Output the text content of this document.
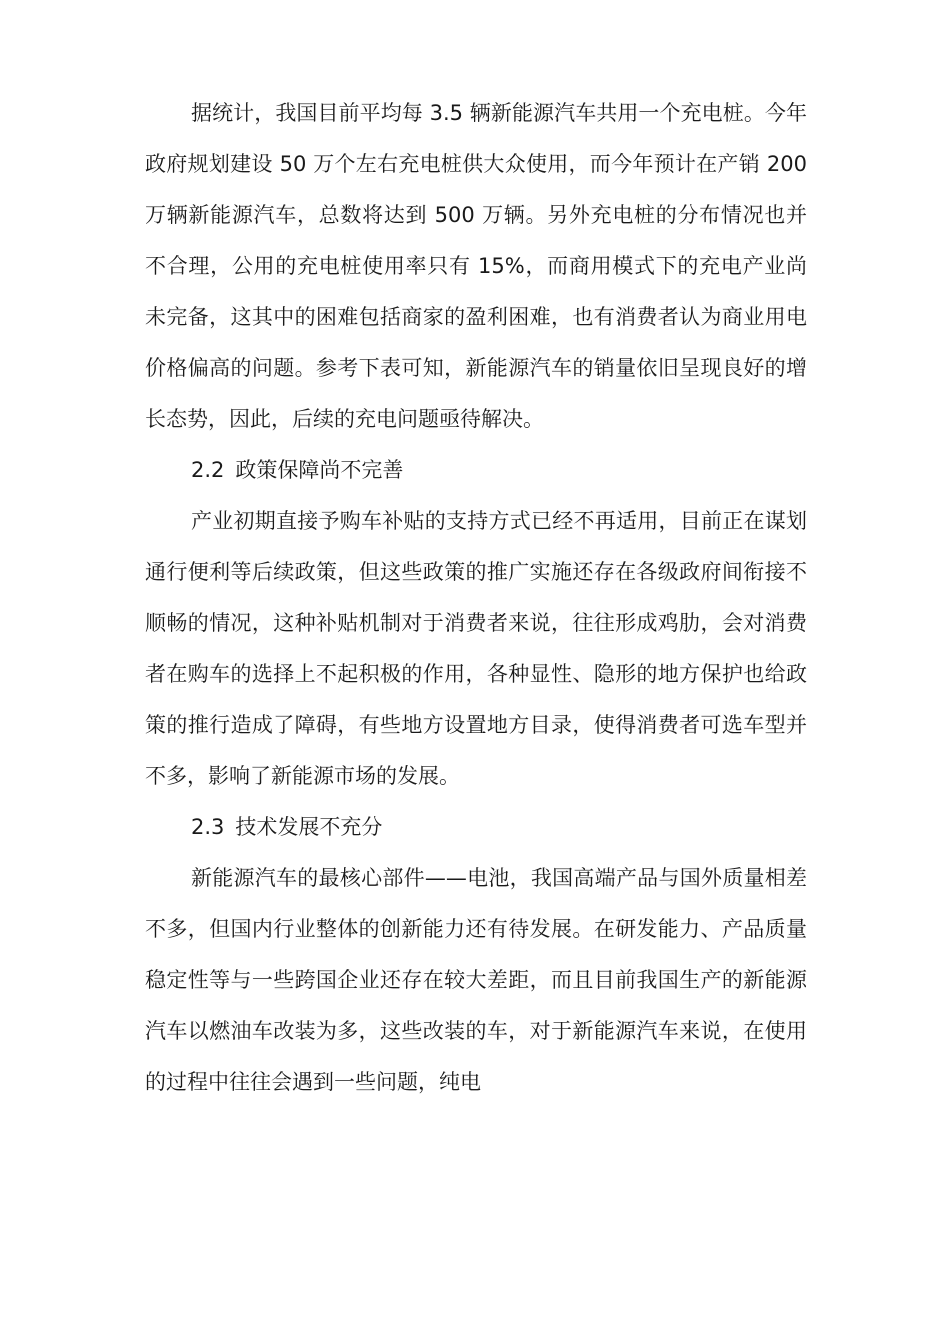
据统计，我国目前平均每 3.5 辆新能源汽车共用一个充电桩。今年政府规划建设 50 万个左右充电桩供大众使用，而今年预计在产销 200 万辆新能源汽车，总数将达到 500 万辆。另外充电桩的分布情况也并不合理，公用的充电桩使用率只有 15%，而商用模式下的充电产业尚未完备，这其中的困难包括商家的盈利困难，也有消费者认为商业用电价格偏高的问题。参考下表可知，新能源汽车的销量依旧呈现良好的增长态势，因此，后续的充电问题亟待解决。

2.2 政策保障尚不完善

产业初期直接予购车补贴的支持方式已经不再适用，目前正在谋划通行便利等后续政策，但这些政策的推广实施还存在各级政府间衔接不顺畅的情况，这种补贴机制对于消费者来说，往往形成鸡肋，会对消费者在购车的选择上不起积极的作用，各种显性、隐形的地方保护也给政策的推行造成了障碍，有些地方设置地方目录，使得消费者可选车型并不多，影响了新能源市场的发展。

2.3 技术发展不充分

新能源汽车的最核心部件——电池，我国高端产品与国外质量相差不多，但国内行业整体的创新能力还有待发展。在研发能力、产品质量稳定性等与一些跨国企业还存在较大差距，而且目前我国生产的新能源汽车以燃油车改装为多，这些改装的车，对于新能源汽车来说，在使用的过程中往往会遇到一些问题，纯电
